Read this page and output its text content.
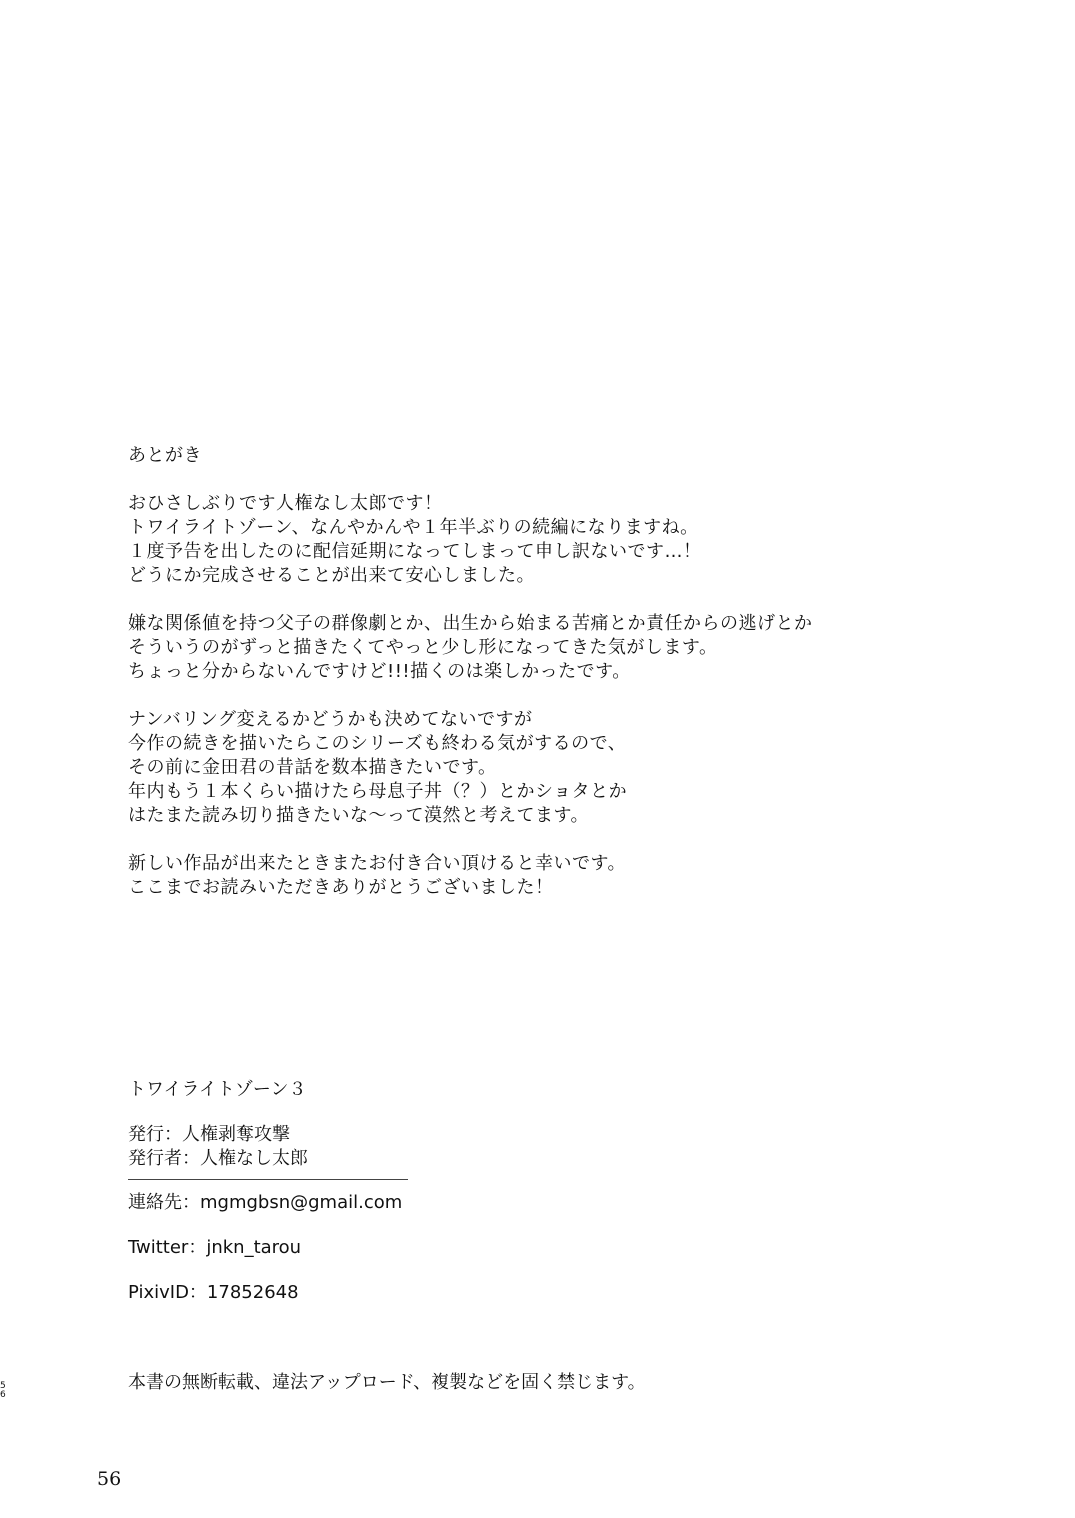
あとがき
おひさしぶりです人権なし太郎です！
トワイライトゾーン、なんやかんや１年半ぶりの続編になりますね。
１度予告を出したのに配信延期になってしまって申し訳ないです…！
どうにか完成させることが出来て安心しました。
嫌な関係値を持つ父子の群像劇とか、出生から始まる苦痛とか責任からの逃げとか
そういうのがずっと描きたくてやっと少し形になってきた気がします。
ちょっと分からないんですけど!!!描くのは楽しかったです。
ナンバリング変えるかどうかも決めてないですが
今作の続きを描いたらこのシリーズも終わる気がするので、
その前に金田君の昔話を数本描きたいです。
年内もう１本くらい描けたら母息子丼（？）とかショタとか
はたまた読み切り描きたいな～って漠然と考えてます。
新しい作品が出来たときまたお付き合い頂けると幸いです。
ここまでお読みいただきありがとうございました！
トワイライトゾーン３
発行：人権剥奪攻撃
発行者：人権なし太郎
連絡先：mgmgbsn@gmail.com
Twitter：jnkn_tarou
PixivID：17852648
本書の無断転載、違法アップロード、複製などを固く禁じます。
5
6
56
